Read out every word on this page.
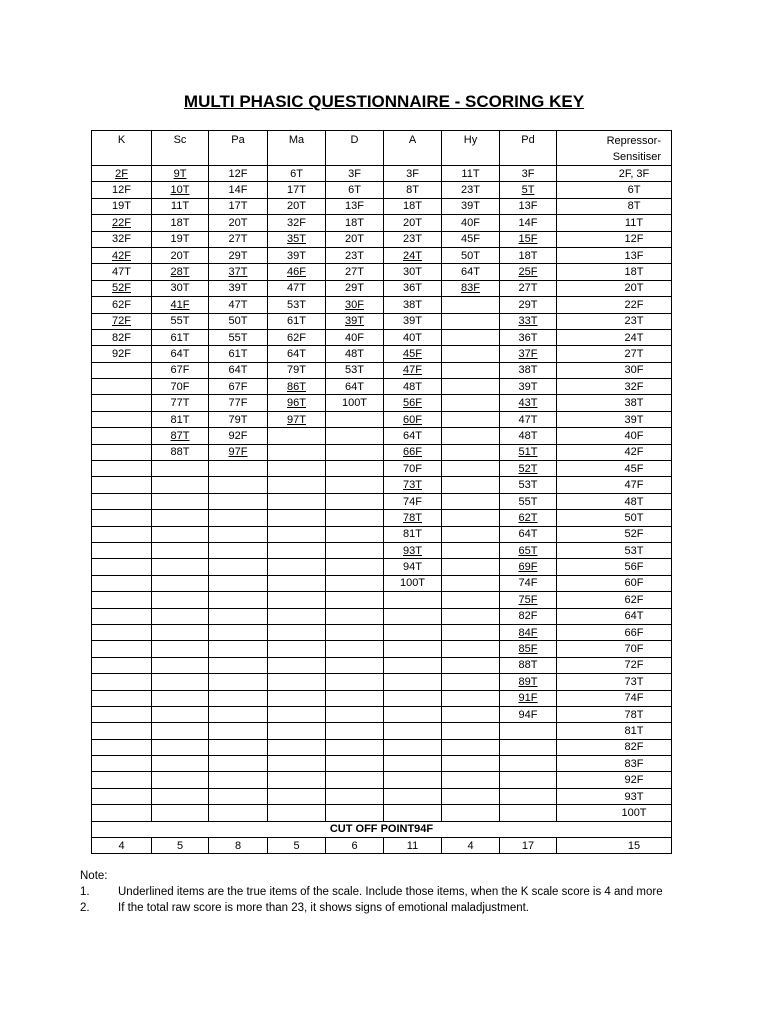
MULTI PHASIC QUESTIONNAIRE - SCORING KEY
K	Sc	Pa	Ma	D	A	Hy	Pd	Repressor- Sensitiser
2F	9T	12F	6T	3F	3F	11T	3F	2F, 3F
12F	10T	14F	17T	6T	8T	23T	5T	6T
19T	11T	17T	20T	13F	18T	39T	13F	8T
22F	18T	20T	32F	18T	20T	40F	14F	11T
32F	19T	27T	35T	20T	23T	45F	15F	12F
42F	20T	29T	39T	23T	24T	50T	18T	13F
47T	28T	37T	46F	27T	30T	64T	25F	18T
52F	30T	39T	47T	29T	36T	83F	27T	20T
62F	41F	47T	53T	30F	38T		29T	22F
72F	55T	50T	61T	39T	39T		33T	23T
82F	61T	55T	62F	40F	40T		36T	24T
92F	64T	61T	64T	48T	45F		37F	27T
	67F	64T	79T	53T	47F		38T	30F
	70F	67F	86T	64T	48T		39T	32F
	77T	77F	96T	100T	56F		43T	38T
	81T	79T	97T		60F		47T	39T
	87T	92F			64T		48T	40F
	88T	97F			66F		51T	42F
					70F		52T	45F
					73T		53T	47F
					74F		55T	48T
					78T		62T	50T
					81T		64T	52F
					93T		65T	53T
					94T		69F	56F
					100T		74F	60F
							75F	62F
							82F	64T
							84F	66F
							85F	70F
							88T	72F
							89T	73T
							91F	74F
							94F	78T
								81T
								82F
								83F
								92F
								93T
								100T
CUT OFF POINT94F								
4	5	8	5	6	11	4	17	15
Note:
1. Underlined items are the true items of the scale. Include those items, when the K scale score is 4 and more
2. If the total raw score is more than 23, it shows signs of emotional maladjustment.
